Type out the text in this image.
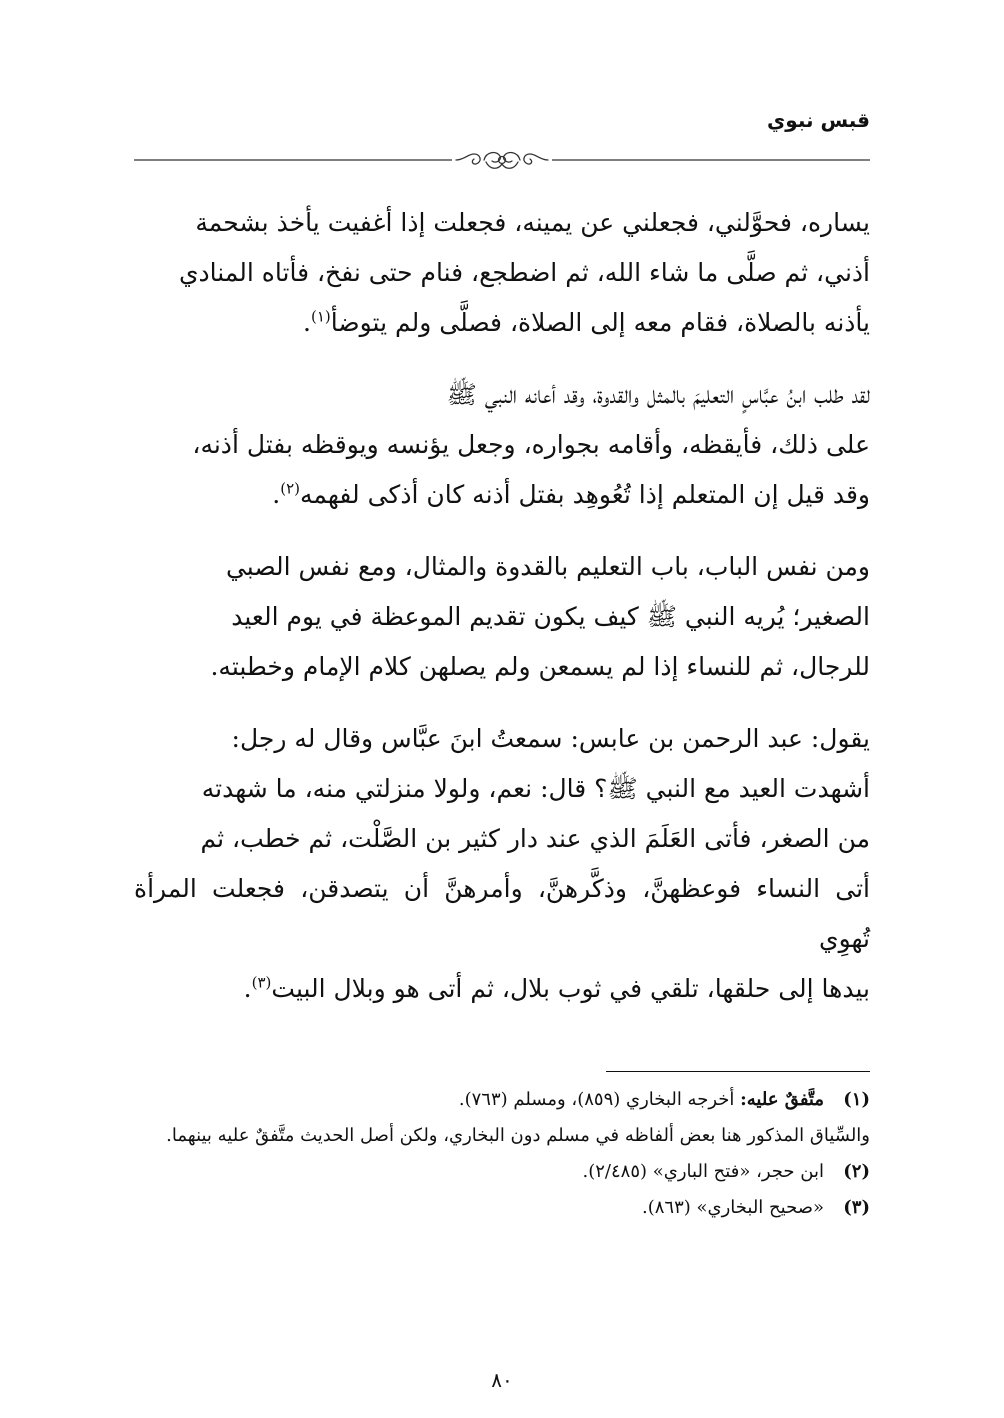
قبس نبوي

يساره، فحوَّلني، فجعلني عن يمينه، فجعلت إذا أغفيت يأخذ بشحمة

أذني، ثم صلَّى ما شاء الله، ثم اضطجع، فنام حتى نفخ، فأتاه المنادي

يأذنه بالصلاة، فقام معه إلى الصلاة، فصلَّى ولم يتوضأ$^{(١)}$.

لقد طلب ابنُ عبَّاسٍ التعليمَ بالمثل والقدوة، وقد أعانه النبي ﷺ

على ذلك، فأيقظه، وأقامه بجواره، وجعل يؤنسه ويوقظه بفتل أذنه،

وقد قيل إن المتعلم إذا تُعُوهِد بفتل أذنه كان أذكى لفهمه$^{(٢)}$.

ومن نفس الباب، باب التعليم بالقدوة والمثال، ومع نفس الصبي

الصغير؛ يُريه النبي ﷺ كيف يكون تقديم الموعظة في يوم العيد

للرجال، ثم للنساء إذا لم يسمعن ولم يصلهن كلام الإمام وخطبته.

يقول: عبد الرحمن بن عابس: سمعتُ ابنَ عبَّاس وقال له رجل:

أشهدت العيد مع النبي ﷺ؟ قال: نعم، ولولا منزلتي منه، ما شهدته

من الصغر، فأتى العَلَمَ الذي عند دار كثير بن الصَّلْت، ثم خطب، ثم

أتى النساء فوعظهنَّ، وذكَّرهنَّ، وأمرهنَّ أن يتصدقن، فجعلت المرأة تُهوِي

بيدها إلى حلقها، تلقي في ثوب بلال، ثم أتى هو وبلال البيت$^{(٣)}$.

(١)
متَّفقٌ عليه: أخرجه البخاري (٨٥٩)، ومسلم (٧٦٣).
والسِّياق المذكور هنا بعض ألفاظه في مسلم دون البخاري، ولكن أصل الحديث متَّفقٌ عليه بينهما.
(٢)
ابن حجر، «فتح الباري» (٢/٤٨٥).
(٣)
«صحيح البخاري» (٨٦٣).
٨٠
